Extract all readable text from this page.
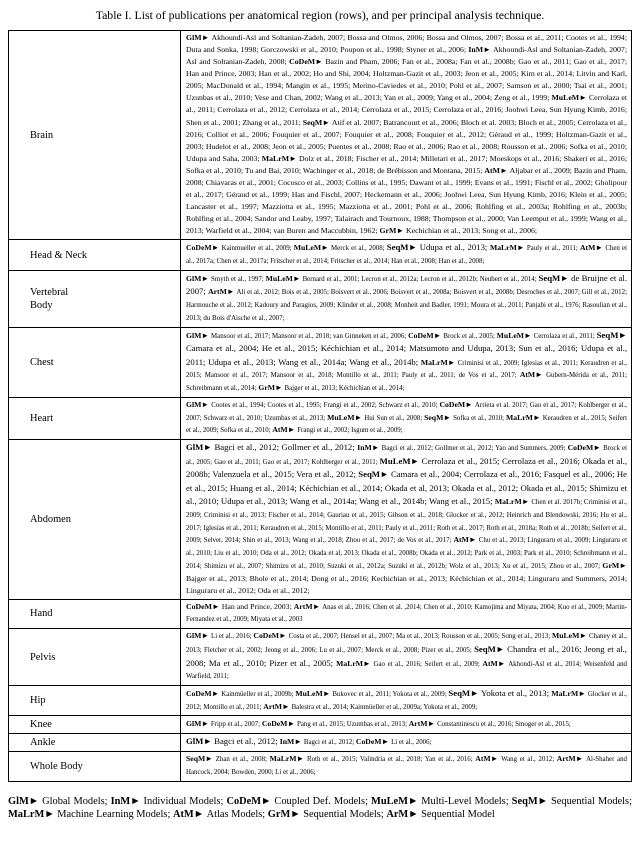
Table I. List of publications per anatomical region (rows), and per principal analysis technique.
Brain	GlM► Akhoundi-Asl and Soltanian-Zadeh, 2007; Bossa and Olmos, 2006; Bossa and Olmos, 2007; Bossa et al., 2011; Cootes et al., 1994; Duta and Sonka, 1998; Gorczowski et al., 2010; Poupon et al., 1998; Styner et al., 2006; InM► Akhoundi-Asl and Soltanian-Zadeh, 2007; Asl and Soltanian-Zadeh, 2008; CoDeM► Bazin and Pham, 2006; Fan et al., 2008a; Fan et al., 2008b; Gao et al., 2011; Gao et al., 2017; Han and Prince, 2003; Han et al., 2002; Ho and Shi, 2004; Holtzman-Gazit et al., 2003; Jeon et al., 2005; Kim et al., 2014; Litvin and Karl, 2005; MacDonald et al., 1994; Mangin et al., 1995; Merino-Caviedes et al., 2010; Pohl et al., 2007; Samson et al., 2000; Tsai et al., 2001; Uzunbas et al., 2010; Vese and Chan, 2002; Wang et al., 2013; Yan et al., 2009; Yang et al., 2004; Zeng et al., 1999; MuLeM► Cerrolaza et al., 2011; Cerrolaza et al., 2012; Cerrolaza et al., 2014; Cerrolaza et al., 2015; Cerrolaza et al., 2016; Joohwi Leea, Sun Hyung Kimb, 2016; Shen et al., 2001; Zhang et al., 2011; SeqM► Atif et al. 2007; Batrancourt et al., 2006; Bloch et al. 2003; Bloch et al., 2005; Cerrolaza et al., 2016; Colliot et al., 2006; Fouquier et al., 2007; Fouquier et al., 2008; Fouquier et al., 2012; Géraud et al., 1999; Holtzman-Gazit et al., 2003; Hudelot et al., 2008; Jeon et al., 2005; Puentes et al., 2008; Rao et al., 2006; Rao et al., 2008; Rousson et al., 2006; Sofka et al., 2010; Udupa and Saha, 2003; MaLrM► Dolz et al., 2018; Fischer et al., 2014; Milletari et al., 2017; Moeskops et al., 2016; Shakeri et al., 2016; Sofka et al., 2010; Tu and Bai, 2010; Wachinger et al., 2018; de Brébisson and Montana, 2015; AtM► Aljabar et al., 2009; Bazin and Pham, 2008; Chiavaras et al., 2001; Cocosco et al., 2003; Collins et al., 1995; Dawant et al., 1999; Evans et al., 1991; Fischl et al., 2002; Gholipour et al., 2017; Géraud et al., 1999; Han and Fischl, 2007; Heckemann et al., 2006; Joohwi Leea, Sun Hyung Kimb, 2016; Klein et al., 2005; Lancaster et al., 1997; Mazziotta et al., 1995; Mazziotta et al., 2001; Pohl et al., 2006; Rohlfing et al., 2003a; Rohlfing et al., 2003b; Rohlfing et al., 2004; Sandor and Leaby, 1997; Talairach and Tournoux, 1988; Thompson et al., 2000; Van Leemput et al., 1999; Wang et al., 2013; Warfield et al., 2004; van Buren and Maccubbin, 1962; GrM► Kechichian et al., 2013; Song et al., 2006;
Head & Neck	CoDeM► Kainmueller et al., 2009; MuLeM► Merck et al., 2008; SeqM► Udupa et al., 2013; MaLrM► Pauly et al., 2011; AtM► Chen et al., 2017a; Chen et al., 2017a; Fritscher et al., 2014; Fritscher et al., 2014; Han et al., 2008; Han et al., 2008;
Vertebral Body	GlM► Smyth et al., 1997; MuLeM► Bernard et al., 2001; Lecron et al., 2012a; Lecron et al., 2012b; Neubert et al., 2014; SeqM► de Bruijne et al. 2007; ArtM► Ali et al., 2012; Bois et al., 2005; Boisvert et al., 2006; Boisvert et al., 2008a; Boisvert et al., 2008b; Desroches et al., 2007; Gill et al., 2012; Harmouche et al., 2012; Kadoury and Paragios, 2009; Klinder et al., 2008; Monheit and Badler, 1991; Moura et al., 2011; Panjabi et al., 1976; Rasoulian et al., 2013; du Bois d'Aische et al., 2007;
Chest	GlM► Mansoor et al., 2017; Mansoor et al., 2018; van Ginneken et al., 2006; CoDeM► Brock et al., 2005; MuLeM► Cerrolaza et al., 2011; SeqM► Camara et al., 2004; He et al., 2015; Kéchichian et al., 2014; Matsumoto and Udupa, 2013; Sun et al., 2016; Udupa et al., 2011; Udupa et al., 2013; Wang et al., 2014a; Wang et al., 2014b; MaLrM► Criminisi et al., 2009; Iglesias et al., 2011; Keraudren et al., 2015; Mansoor et al., 2017; Mansoor et al., 2018; Montillo et al., 2011; Pauly et al., 2011; de Vos et al., 2017; AtM► Gubern-Mérida et al., 2011; Schreibmann et al., 2014; GrM► Bajger et al., 2013; Kéchichian et al., 2014;
Heart	GlM► Cootes et al., 1994; Cootes et al., 1995; Frangi et al., 2002; Schwarz et al., 2010; CoDeM► Arrieta et al. 2017; Gao et al., 2017; Kohlberger et al., 2007; Schwarz et al., 2010; Uzumbas et al., 2013; MuLeM► Hui Sun et al., 2008; SeqM► Sofka et al., 2010; MaLrM► Keraudren et al., 2015; Seifert et al., 2009; Sofka et al., 2010; AtM► Frangi et al., 2002; Isgum et al., 2009;
Abdomen	GlM► Bagci et al., 2012; Gollmer et al., 2012; InM► Bagci et al., 2012; Gollmer et al., 2012; Yao and Summers, 2009; CoDeM► Brock et al., 2005; Gao et al., 2011; Gao et al., 2017; Kohlberger et al., 2011; MuLeM► Cerrolaza et al., 2015; Cerrolaza et al., 2016; Okada et al., 2008b; Valenzuela et al., 2015; Vera et al., 2012; SeqM► Camara et al., 2004; Cerrolaza et al., 2016; Fasquel et al., 2006; He et al., 2015; Huang et al., 2014; Kéchichian et al., 2014; Okada et al, 2013; Okada et al., 2012; Okada et al., 2015; Shimizu et al., 2010; Udupa et al., 2013; Wang et al., 2014a; Wang et al., 2014b; Wang et al., 2015; MaLrM► Chen et al. 2017b; Criminisi et al., 2009; Criminisi et al., 2013; Fischer et al., 2014; Gauriau et al., 2015; Gibson et al., 2018; Glocker et al., 2012; Heinrich and Blendowski, 2016; Hu et al., 2017; Iglesias et al., 2011; Keraudren et al., 2015; Montillo et al., 2011; Pauly et al., 2011; Roth et al., 2017; Roth et al., 2018a; Roth et al., 2018b; Seifert et al., 2009; Selver, 2014; Shin et al., 2013; Wang et al., 2018; Zhou et al., 2017; de Vos et al., 2017; AtM► Chu et al., 2013; Linguraru et al., 2009; Linguraru et al., 2010; Liu et al., 2010; Oda et al., 2012; Okada et al, 2013; Okada et al., 2008b; Okada et al., 2012; Park et al., 2003; Park et al., 2010; Schreibmann et al., 2014; Shimizu et al., 2007; Shimizu et al., 2010; Suzuki et al., 2012a; Suzuki et al., 2012b; Wolz et al., 2013; Xu et al., 2015; Zhou et al., 2007; GrM► Bajger et al., 2013; Bhole et al., 2014; Dong et al., 2016; Kechichian et al., 2013; Kéchichian et al., 2014; Linguraru and Summers, 2014; Linguraru et al., 2012; Oda et al., 2012;
Hand	CoDeM► Han and Prince, 2003; ArtM► Anas et al., 2016; Chen et al. ,2014; Chen et al., 2010; Kamojima and Miyata, 2004; Kuo et al., 2009; Martin-Fernandez et al., 2009; Miyata et al., 2003
Pelvis	GlM► Li et al., 2016; CoDeM► Costa et al., 2007; Hensel et al., 2007; Ma et al., 2013; Rousson et al., 2005; Song et al., 2013; MuLeM► Chaney et al., 2013; Fletcher et al., 2002; Jeong et al., 2006; Lu et al., 2007; Merck et al., 2008; Pizer et al., 2005; SeqM► Chandra et al., 2016; Jeong et al., 2008; Ma et al., 2010; Pizer et al., 2005; MaLrM► Gao et al., 2016; Seifert et al., 2009; AtM► Akhondi-Asl et al., 2014; Weisenfeld and Warfield, 2011;
Hip	CoDeM► Kainmüeller et al., 2009b; MuLeM► Bukovec et al., 2011; Yokota et al., 2009; SeqM► Yokota et al., 2013; MaLrM► Glocker et al., 2012; Montillo et al., 2011; ArtM► Balestra et al., 2014; Kainmüeller et al., 2009a; Yokota et al., 2009;
Knee	GlM► Fripp et al., 2007; CoDeM► Pang et al., 2015; Uzumbas et al., 2013; ArtM► Constantinescu et al., 2016; Smoger et al., 2015;
Ankle	GlM► Bagci et al., 2012; InM► Bagci et al., 2012; CoDeM► Li et al., 2006;
Whole Body	SeqM► Zhan et al., 2008; MaLrM► Roth et al., 2015; Valindria et al., 2018; Yan et al., 2016; AtM► Wang et al., 2012; ArtM► Al-Shaher and Hancock, 2004; Bowden, 2000; Li et al., 2006;
GlM► Global Models; InM► Individual Models; CoDeM► Coupled Def. Models; MuLeM► Multi-Level Models; SeqM► Sequential Models; MaLrM► Machine Learning Models; AtM► Atlas Models; GrM► Sequential Models; ArM► Sequential Model
